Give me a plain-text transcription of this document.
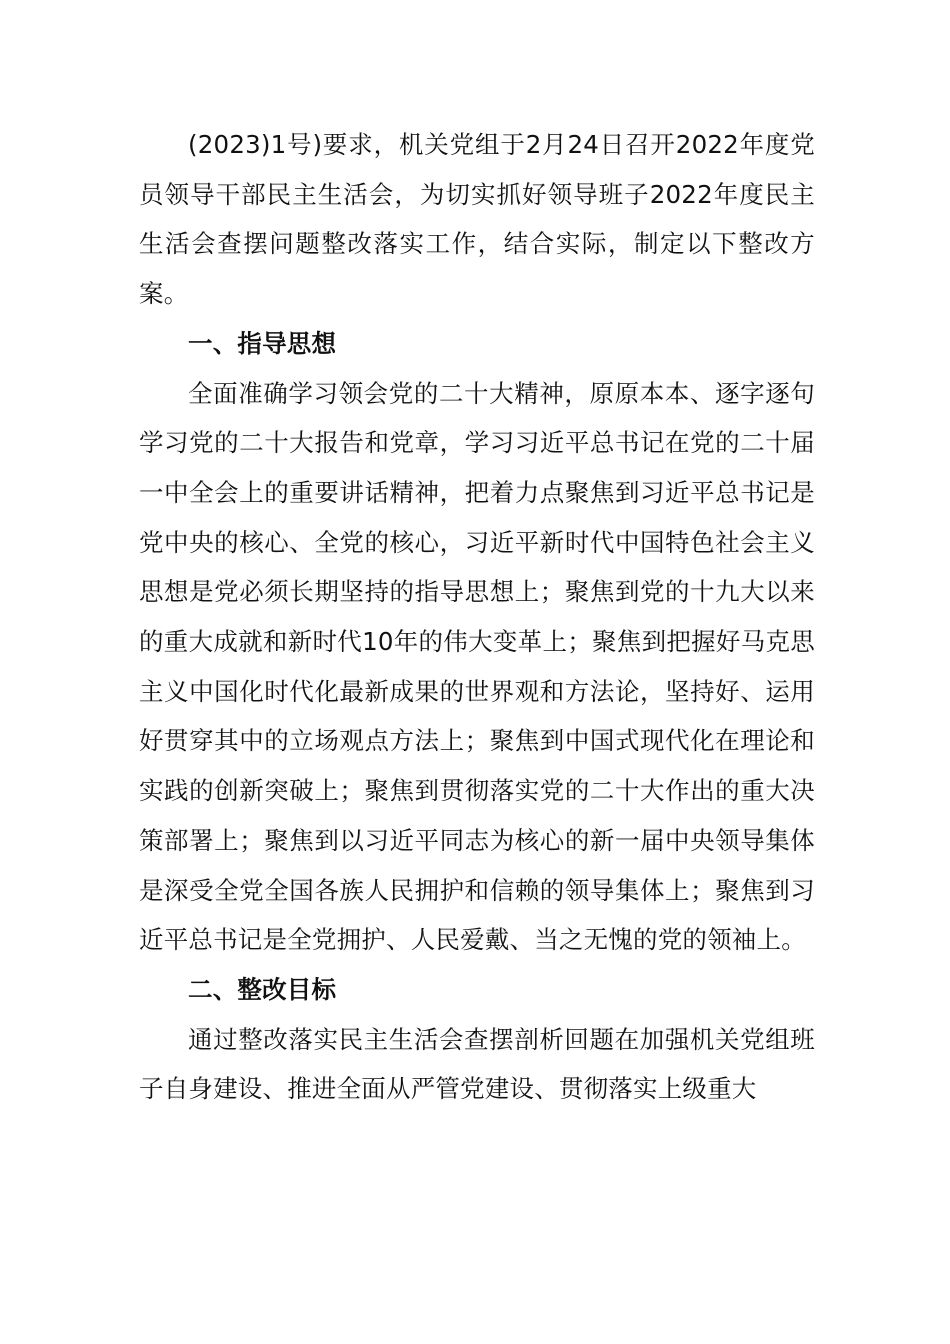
(2023)1号)要求，机关党组于2月24日召开2022年度党员领导干部民主生活会，为切实抓好领导班子2022年度民主生活会查摆问题整改落实工作，结合实际，制定以下整改方案。

一、指导思想

全面准确学习领会党的二十大精神，原原本本、逐字逐句学习党的二十大报告和党章，学习习近平总书记在党的二十届一中全会上的重要讲话精神，把着力点聚焦到习近平总书记是党中央的核心、全党的核心，习近平新时代中国特色社会主义思想是党必须长期坚持的指导思想上；聚焦到党的十九大以来的重大成就和新时代10年的伟大变革上；聚焦到把握好马克思主义中国化时代化最新成果的世界观和方法论，坚持好、运用好贯穿其中的立场观点方法上；聚焦到中国式现代化在理论和实践的创新突破上；聚焦到贯彻落实党的二十大作出的重大决策部署上；聚焦到以习近平同志为核心的新一届中央领导集体是深受全党全国各族人民拥护和信赖的领导集体上；聚焦到习近平总书记是全党拥护、人民爱戴、当之无愧的党的领袖上。

二、整改目标

通过整改落实民主生活会查摆剖析回题在加强机关党组班子自身建设、推进全面从严管党建设、贯彻落实上级重大
